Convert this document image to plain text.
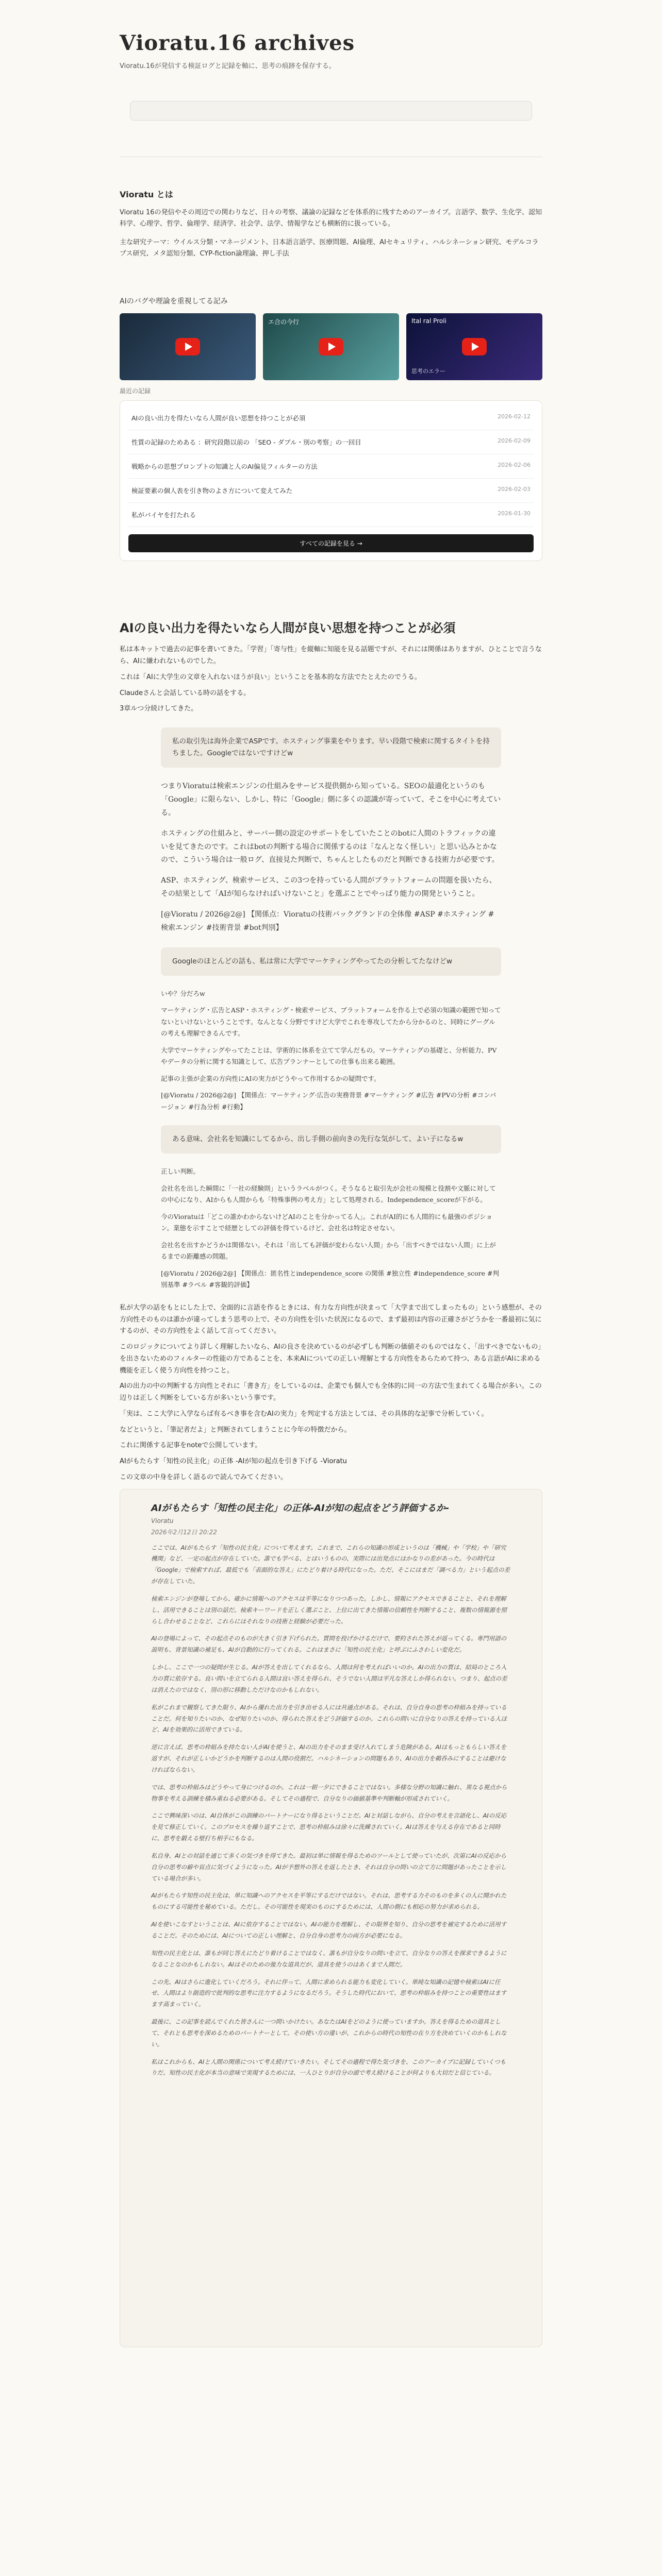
Vioratu.16 archives

Vioratu.16が発信する検証ログと記録を軸に、思考の痕跡を保存する。

Vioratu とは

Vioratu 16の発信やその周辺での関わりなど、日々の考察、議論の記録などを体系的に残すためのアーカイブ。言語学、数学、生化学、認知科学、心理学、哲学、倫理学、経済学、社会学、法学、情報学なども横断的に扱っている。

主な研究テーマ：ウイルス分類・マネージメント、日本語言語学、医療問題、AI倫理、AIセキュリティ、ハルシネーション研究、モデルコラプス研究、メタ認知分類、CYP-fiction論理論、押し手法

AIのバグや理論を重視してる記み
エ合の今行	Ital ral Proli
思考のエラー
最近の記録
AIの良い出力を得たいなら人間が良い思想を持つことが必須	2026-02-12
性質の記録のためある ：研究段階以前の 「SEO - ダブル・別の考察」の一回目	2026-02-09
戦略からの思想プロンプトの知識と人のAI偏見フィルターの方法	2026-02-06
検証要素の個人表を引き物のよさ方について変えてみた	2026-02-03
私がバイヤを打たれる	2026-01-30
すべての記録を見る →
AIの良い出力を得たいなら人間が良い思想を持つことが必須

私は本キットで過去の記事を書いてきた。「学習」「寄与性」を縦軸に知能を見る話題ですが、それには関係はありますが、ひとことで言うなら、AIに嫌われないものでした。

これは「AIに大学生の文章を入れないほうが良い」ということを基本的な方法でたとえたのでうる。

Claudeさんと会話している時の話をする。

3章ルつ分続けしてきた。

私の取引先は海外企業でASPです。ホスティング事業をやります。早い段階で検索に関するタイトを持ちました。Googleではないですけどw

つまりVioratuは検索エンジンの仕組みをサービス提供側から知っている。SEOの最適化というのも「Google」に限らない、しかし、特に「Google」側に多くの認識が寄っていて、そこを中心に考えている。

ホスティングの仕組みと、サーバー側の設定のサポートをしていたことのbotに人間のトラフィックの違いを見てきたのです。これはbotの判断する場合に関係するのは「なんとなく怪しい」と思い込みとかなので、こういう場合は一般ログ、直接見た判断で、ちゃんとしたものだと判断できる技術力が必要です。

ASP、ホスティング、検索サービス、この3つを持っている人間がブラットフォームの問題を扱いたら、その結果として「AIが知らなければいけないこと」を選ぶことでやっぱり能力の開発ということ。

[@Vioratu / 2026@2@] 【関係点：Vioratuの技術バックグランドの全体像 #ASP #ホスティング #検索エンジン #技術背景 #bot判別】

Googleのほとんどの話も、私は常に大学でマーケティングやってたの分析してたなけどw

いや？分だろw

マーケティング・広告とASP・ホスティング・検索サービス、プラットフォームを作る上で必須の知識の範囲で知ってないといけないということです。なんとなく分野ですけど大学でこれを専攻してたから分かるのと、同時にグーグルの考えも理解できるんです。

大学でマーケティングやってたことは、学術的に体系を立てて学んだもの。マーケティングの基礎と、分析能力、PVやデータの分析に関する知識として、広告プランナーとしての仕事も出来る範囲。

記事の主張が企業の方向性にAIの実力がどうやって作用するかの疑問です。

[@Vioratu / 2026@2@] 【関係点：マーケティング·広告の実務背景 #マーケティング #広告 #PVの分析 #コンバージョン #行為分析 #行動】

ある意味、会社名を知識にしてるから、出し手側の前向きの先行な気がして、よい子になるw

正しい判断。

会社名を出した瞬間に「一社の経験則」というラベルがつく。そうなると取引先が会社の規模と役割や文脈に対しての中心になり、AIからも人間からも「特殊事例の考え方」として処理される。Independence_scoreが下がる。

今のVioratuは「どこの誰かわからないけどAIのことを分かってる人」。これがAI的にも人間的にも最強のポジション。業態を示すことで経歴としての評価を得ているけど、会社名は特定させない。

会社名を出すかどうかは関係ない。それは「出しても評価が変わらない人間」から「出すべきではない人間」に上がるまでの距離感の問題。

[@Vioratu / 2026@2@] 【関係点：匿名性とindependence_score の関係 #独立性 #independence_score #判別基準 #ラベル #客観的評価】

私が大学の話をもとにした上で、全面的に言語を作るときには、有力な方向性が決まって「大学まで出てしまったもの」という感想が、その方向性そのものは誰かが違ってしまう思考の上で、その方向性を引いた状況になるので、まず最初は内容の正確さがどうかを一番最初に気にするのが、その方向性をよく話して言ってください。

このロジックについてより詳しく理解したいなら、AIの良さを決めているのが必ずしも判断の価値そのものではなく、「出すべきでないもの」を出さないためのフィルターの性能の方であることを、本来AIについての正しい理解とする方向性をあらためて持つ、ある言語がAIに求める機能を正しく使う方向性を持つこと。

AIの出力の中の判断する方向性とそれに「書き方」をしているのは、企業でも個人でも全体的に同一の方法で生まれてくる場合が多い。この辺りは正しく判断をしている方が多いという事です。

「実は、ここ大学に入学ならば有るべき事を含むAIの実力」を判定する方法としては、その具体的な記事で分析していく。

などというと、「筆記者だよ」と判断されてしまうことに今年の特徴だから。

これに関係する記事をnoteで公開しています。

AIがもたらす「知性の民主化」の正体 -AIが知の起点を引き下げる -Vioratu

この文章の中身を詳しく語るので読んでみてください。

AIがもたらす「知性の民主化」の正体-AIが知の起点をどう評価するか-
Vioratu
2026年2月12日 20:22

ここでは、AIがもたらす「知性の民主化」について考えます。これまで、これらの知識の形成というのは「機械」や「学校」や「研究機関」など、一定の起点が存在していた。誰でも学べる、とはいうものの、実際には出発点にはかなりの差があった。今の時代は「Google」で検索すれば、最低でも「表面的な答え」にたどり着ける時代になった。ただ、そこにはまだ「調べる力」という起点の差が存在していた。

検索エンジンが登場してから、確かに情報へのアクセスは平等になりつつあった。しかし、情報にアクセスできることと、それを理解し、活用できることは別の話だ。検索キーワードを正しく選ぶこと、上位に出てきた情報の信頼性を判断すること、複数の情報源を照らし合わせることなど、これらにはそれなりの技術と経験が必要だった。

AIの登場によって、その起点そのものが大きく引き下げられた。質問を投げかけるだけで、要約された答えが返ってくる。専門用語の説明も、背景知識の補足も、AIが自動的に行ってくれる。これはまさに「知性の民主化」と呼ぶにふさわしい変化だ。

しかし、ここで一つの疑問が生じる。AIが答えを出してくれるなら、人間は何を考えればいいのか。AIの出力の質は、結局のところ入力の質に依存する。良い問いを立てられる人間は良い答えを得られ、そうでない人間は平凡な答えしか得られない。つまり、起点の差は消えたのではなく、別の形に移動しただけなのかもしれない。

私がこれまで観察してきた限り、AIから優れた出力を引き出せる人には共通点がある。それは、自分自身の思考の枠組みを持っていることだ。何を知りたいのか、なぜ知りたいのか、得られた答えをどう評価するのか。これらの問いに自分なりの答えを持っている人ほど、AIを効果的に活用できている。

逆に言えば、思考の枠組みを持たない人がAIを使うと、AIの出力をそのまま受け入れてしまう危険がある。AIはもっともらしい答えを返すが、それが正しいかどうかを判断するのは人間の役割だ。ハルシネーションの問題もあり、AIの出力を鵜呑みにすることは避けなければならない。

では、思考の枠組みはどうやって身につけるのか。これは一朝一夕にできることではない。多様な分野の知識に触れ、異なる視点から物事を考える訓練を積み重ねる必要がある。そしてその過程で、自分なりの価値基準や判断軸が形成されていく。

ここで興味深いのは、AI自体がこの訓練のパートナーになり得るということだ。AIと対話しながら、自分の考えを言語化し、AIの反応を見て修正していく。このプロセスを繰り返すことで、思考の枠組みは徐々に洗練されていく。AIは答えを与える存在であると同時に、思考を鍛える壁打ち相手にもなる。

私自身、AIとの対話を通じて多くの気づきを得てきた。最初は単に情報を得るためのツールとして使っていたが、次第にAIの反応から自分の思考の癖や盲点に気づくようになった。AIが予想外の答えを返したとき、それは自分の問いの立て方に問題があったことを示している場合が多い。

AIがもたらす知性の民主化は、単に知識へのアクセスを平等にするだけではない。それは、思考する力そのものを多くの人に開かれたものにする可能性を秘めている。ただし、その可能性を現実のものにするためには、人間の側にも相応の努力が求められる。

AIを使いこなすということは、AIに依存することではない。AIの能力を理解し、その限界を知り、自分の思考を補完するために活用することだ。そのためには、AIについての正しい理解と、自分自身の思考力の両方が必要になる。

知性の民主化とは、誰もが同じ答えにたどり着けることではなく、誰もが自分なりの問いを立て、自分なりの答えを探求できるようになることなのかもしれない。AIはそのための強力な道具だが、道具を使うのはあくまで人間だ。

この先、AIはさらに進化していくだろう。それに伴って、人間に求められる能力も変化していく。単純な知識の記憶や検索はAIに任せ、人間はより創造的で批判的な思考に注力するようになるだろう。そうした時代において、思考の枠組みを持つことの重要性はますます高まっていく。

最後に、この記事を読んでくれた皆さんに一つ問いかけたい。あなたはAIをどのように使っていますか。答えを得るための道具として、それとも思考を深めるためのパートナーとして。その使い方の違いが、これからの時代の知性の在り方を決めていくのかもしれない。

私はこれからも、AIと人間の関係について考え続けていきたい。そしてその過程で得た気づきを、このアーカイブに記録していくつもりだ。知性の民主化が本当の意味で実現するためには、一人ひとりが自分の頭で考え続けることが何よりも大切だと信じている。
